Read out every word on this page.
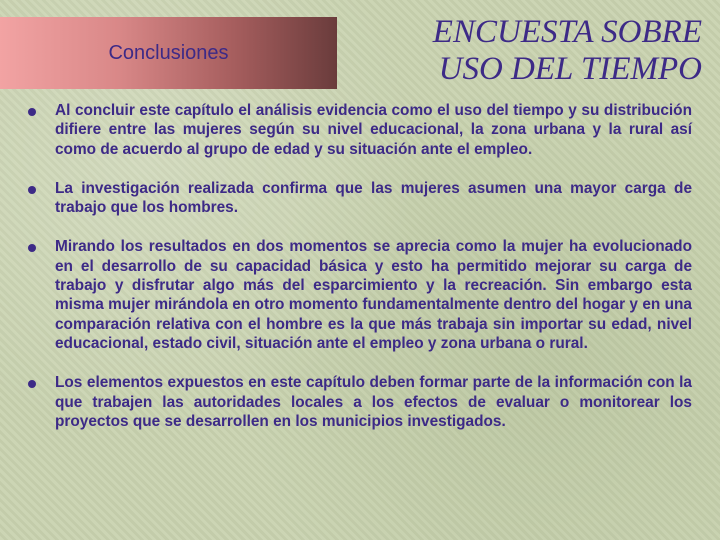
Conclusiones
ENCUESTA SOBRE
USO DEL TIEMPO

Al concluir este capítulo el análisis evidencia como el uso del tiempo y su distribución difiere entre las mujeres según su nivel educacional, la zona urbana y la rural así como de acuerdo al grupo de edad y su situación ante el empleo.

La investigación realizada confirma que las mujeres asumen una mayor carga de trabajo que los hombres.

Mirando los resultados en dos momentos se aprecia como la mujer ha evolucionado en el desarrollo de su capacidad básica y esto ha permitido mejorar su carga de trabajo y disfrutar algo más del esparcimiento y la recreación. Sin embargo esta misma mujer mirándola en otro momento fundamentalmente dentro del hogar y en una comparación relativa con el hombre es la que más trabaja sin importar su edad, nivel educacional, estado civil, situación ante el empleo y zona urbana o rural.

Los elementos expuestos en este capítulo deben formar parte de la información con la que trabajen las autoridades locales a los efectos de evaluar o monitorear los proyectos que se desarrollen en los municipios investigados.
